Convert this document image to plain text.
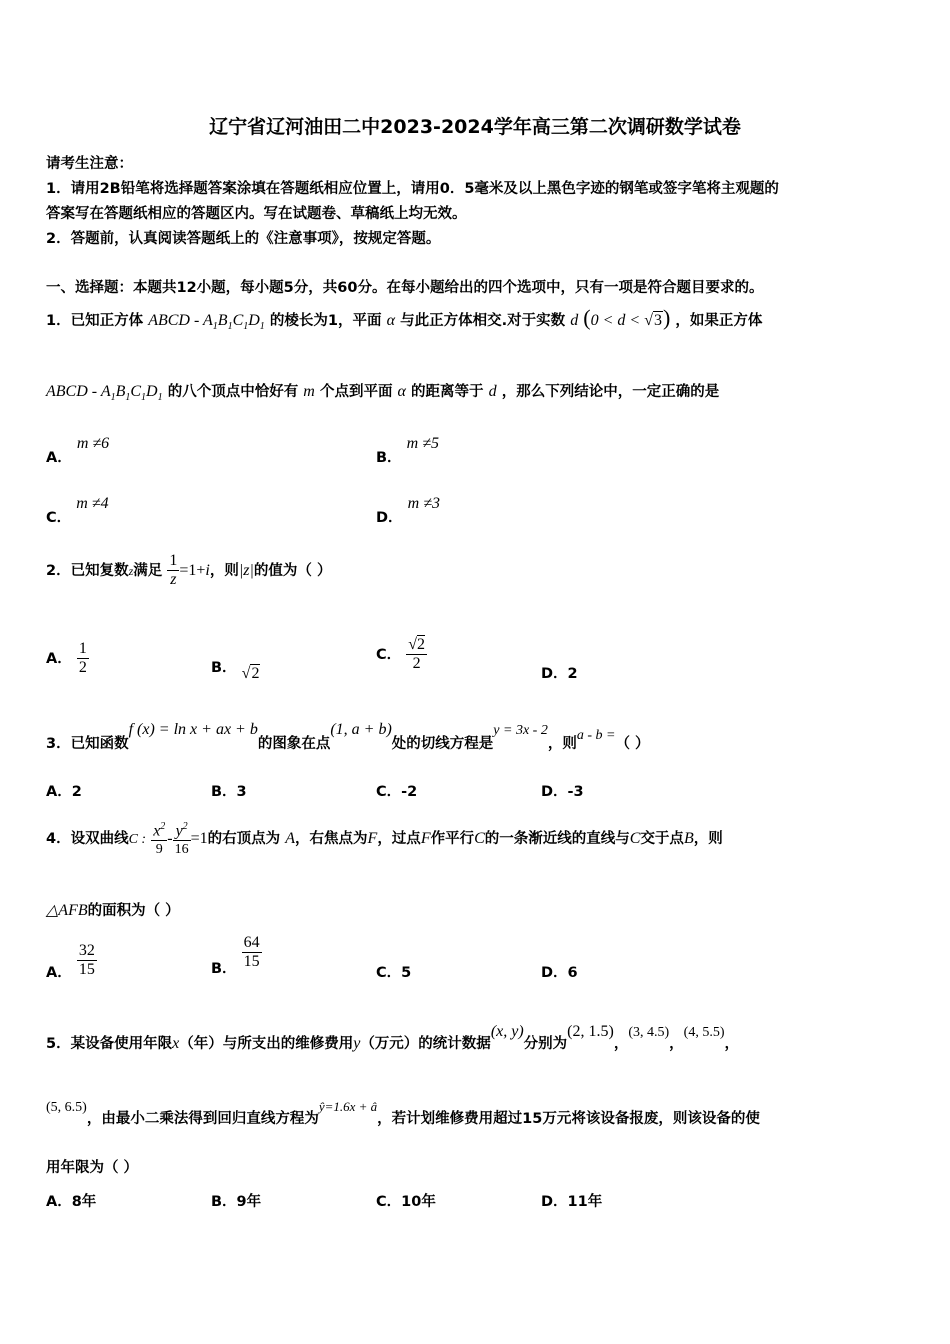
辽宁省辽河油田二中2023-2024学年高三第二次调研数学试卷
请考生注意：
1．请用2B铅笔将选择题答案涂填在答题纸相应位置上，请用0．5毫米及以上黑色字迹的钢笔或签字笔将主观题的
答案写在答题纸相应的答题区内。写在试题卷、草稿纸上均无效。
2．答题前，认真阅读答题纸上的《注意事项》，按规定答题。
一、选择题：本题共12小题，每小题5分，共60分。在每小题给出的四个选项中，只有一项是符合题目要求的。
1．已知正方体 ABCD - $A_1B_1C_1D_1$ 的棱长为1，平面 α 与此正方体相交.对于实数 d (0 < d < √3) ，如果正方体
ABCD - $A_1B_1C_1D_1$ 的八个顶点中恰好有 m 个点到平面 α 的距离等于 d ，那么下列结论中，一定正确的是
A． m ≠6
B． m ≠5
C． m ≠4
D． m ≠3
2．已知复数z满足 $\frac{1}{z} =1+i$，则|z|的值为（ ）
A． $\frac{1}{2}$	B． √2
C． $\frac{√2}{2}$
D．2
3．已知函数f (x) = ln x + ax + b的图象在点(1, a + b)处的切线方程是y = 3x - 2，则a - b =（ ）
A．2	B．3	C．-2	D．-3
4．设双曲线C : $\frac{x^2}{9} - \frac{y^2}{16} =1$的右顶点为 A，右焦点为F，过点F作平行C的一条渐近线的直线与C交于点B，则
△AFB的面积为（ ）
A． $\frac{32}{15}$	B． $\frac{64}{15}$
C．5	D．6
5．某设备使用年限x（年）与所支出的维修费用y（万元）的统计数据(x, y)分别为(2, 1.5)，(3, 4.5)，(4, 5.5)，
(5, 6.5)，由最小二乘法得到回归直线方程为ŷ=1.6x + â，若计划维修费用超过15万元将该设备报废，则该设备的使
用年限为（ ）
A．8年	B．9年	C．10年	D．11年
